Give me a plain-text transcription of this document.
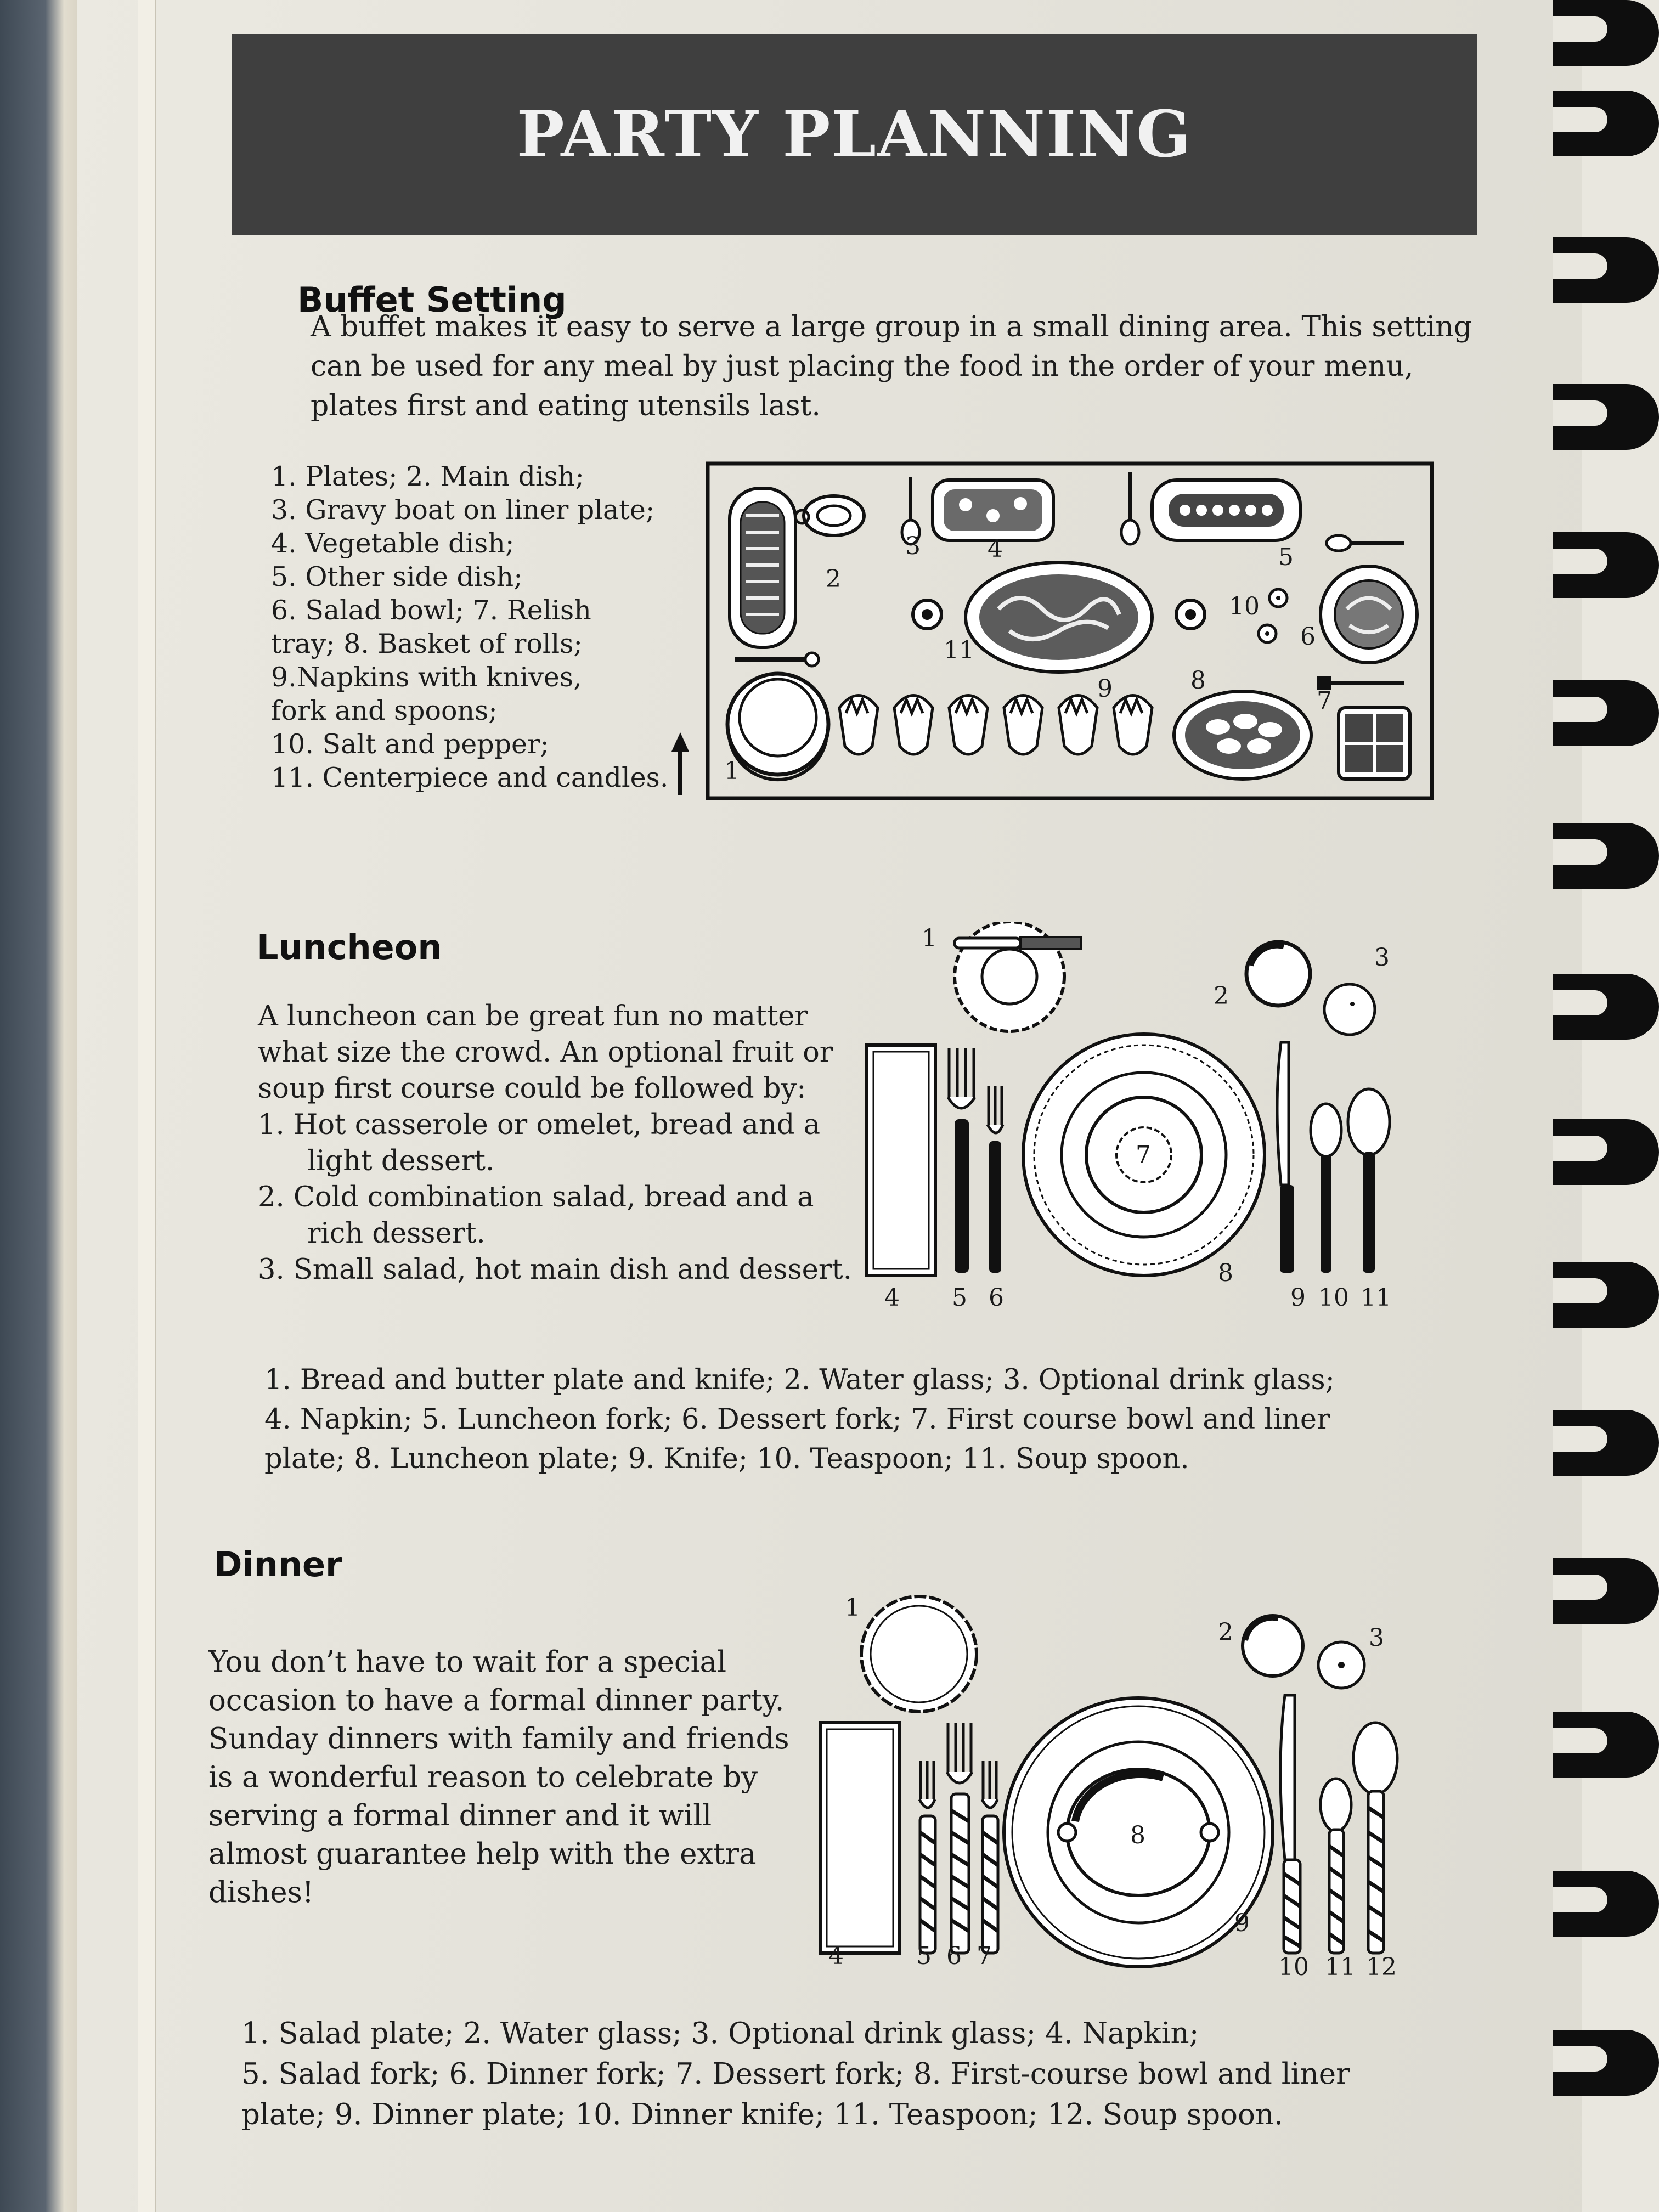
PARTY PLANNING
Buffet Setting
A buffet makes it easy to serve a large group in a small dining area. This setting
can be used for any meal by just placing the food in the order of your menu,
plates first and eating utensils last.
1. Plates; 2. Main dish;
3. Gravy boat on liner plate;
4. Vegetable dish;
5. Other side dish;
6. Salad bowl; 7. Relish
tray; 8. Basket of rolls;
9.Napkins with knives,
fork and spoons;
10. Salt and pepper;
11. Centerpiece and candles. 1
2
3	4	5
6
7
8
9
10
11
Luncheon
A luncheon can be great fun no matter
what size the crowd. An optional fruit or
soup first course could be followed by:
1. Hot casserole or omelet, bread and a
light dessert.
2. Cold combination salad, bread and a
rich dessert.
3. Small salad, hot main dish and dessert.
1
2
3
4 5 6
7
8
9 10 11
1. Bread and butter plate and knife; 2. Water glass; 3. Optional drink glass;
4. Napkin; 5. Luncheon fork; 6. Dessert fork; 7. First course bowl and liner
plate; 8. Luncheon plate; 9. Knife; 10. Teaspoon; 11. Soup spoon.
Dinner
You don’t have to wait for a special
occasion to have a formal dinner party.
Sunday dinners with family and friends
is a wonderful reason to celebrate by
serving a formal dinner and it will
almost guarantee help with the extra
dishes!
1
2	3
4	5 6 7
8
9
10 11 12
1. Salad plate; 2. Water glass; 3. Optional drink glass; 4. Napkin;
5. Salad fork; 6. Dinner fork; 7. Dessert fork; 8. First-course bowl and liner
plate; 9. Dinner plate; 10. Dinner knife; 11. Teaspoon; 12. Soup spoon.
